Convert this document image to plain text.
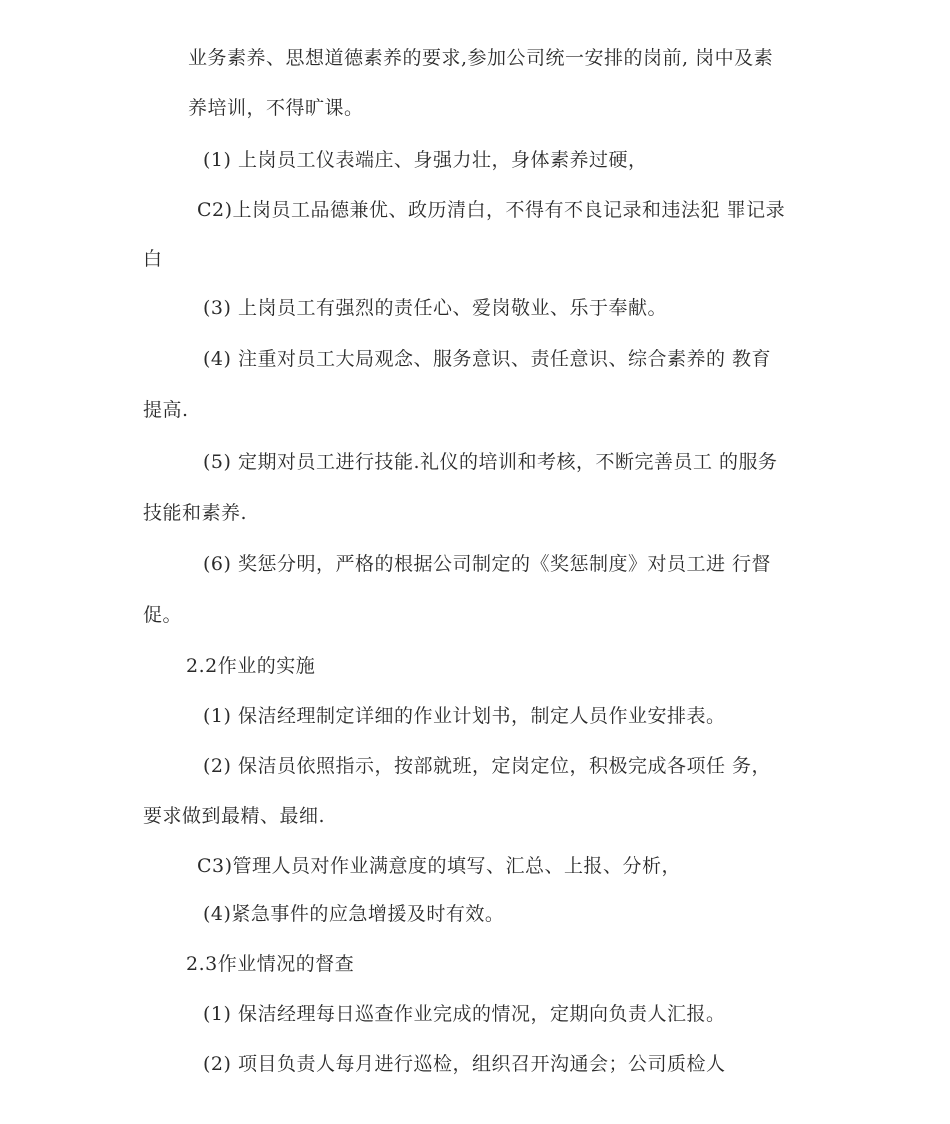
业务素养、思想道德素养的要求,参加公司统一安排的岗前, 岗中及素
养培训，不得旷课。
(1) 上岗员工仪表端庄、身强力壮，身体素养过硬，
C2)上岗员工品德兼优、政历清白，不得有不良记录和违法犯 罪记录
白
(3) 上岗员工有强烈的责任心、爱岗敬业、乐于奉献。
(4) 注重对员工大局观念、服务意识、责任意识、综合素养的 教育
提高.
(5) 定期对员工进行技能.礼仪的培训和考核，不断完善员工 的服务
技能和素养.
(6) 奖惩分明，严格的根据公司制定的《奖惩制度》对员工进 行督
促。
2.2作业的实施
(1) 保洁经理制定详细的作业计划书，制定人员作业安排表。
(2) 保洁员依照指示，按部就班，定岗定位，积极完成各项任 务，
要求做到最精、最细.
C3)管理人员对作业满意度的填写、汇总、上报、分析，
(4)紧急事件的应急增援及时有效。
2.3作业情况的督查
(1) 保洁经理每日巡查作业完成的情况，定期向负责人汇报。
(2) 项目负责人每月进行巡检，组织召开沟通会；公司质检人
